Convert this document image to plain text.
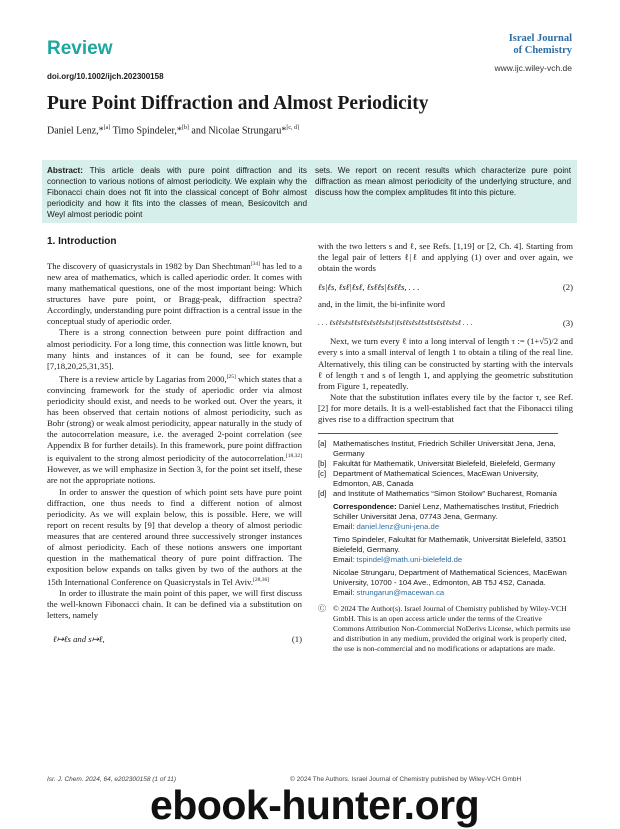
Review
doi.org/10.1002/ijch.202300158
Israel Journal
of Chemistry
www.ijc.wiley-vch.de
Pure Point Diffraction and Almost Periodicity
Daniel Lenz,*[a] Timo Spindeler,*[b] and Nicolae Strungaru*[c, d]
Abstract: This article deals with pure point diffraction and its connection to various notions of almost periodicity. We explain why the Fibonacci chain does not fit into the classical concept of Bohr almost periodicity and how it fits into the classes of mean, Besicovitch and Weyl almost periodic point
sets. We report on recent results which characterize pure point diffraction as mean almost periodicity of the underlying structure, and discuss how the complex amplitudes fit into this picture.
1. Introduction

The discovery of quasicrystals in 1982 by Dan Shechtman[34] has led to a new area of mathematics, which is called aperiodic order. It comes with many mathematical questions, one of the most important being: Which structures have pure point, or Bragg-peak, diffraction spectra? Accordingly, understanding pure point diffraction is a central issue in the conceptual study of aperiodic order.

There is a strong connection between pure point diffraction and almost periodicity. For a long time, this connection was little known, but many hints and instances of it can be found, see for example [7,18,20,25,31,35].

There is a review article by Lagarias from 2000,[25] which states that a convincing framework for the study of aperiodic order via almost periodicity should exist, and needs to be worked out. Over the years, it has been observed that certain notions of almost periodicity, such as Bohr (strong) or weak almost periodicity, appear naturally in the study of the autocorrelation measure, i.e. the averaged 2-point correlation (see Appendix B for further details). In this framework, pure point diffraction is equivalent to the strong almost periodicity of the autocorrelation.[18,32] However, as we will emphasize in Section 3, for the point set itself, these are not the appropriate notions.

In order to answer the question of which point sets have pure point diffraction, one thus needs to find a different notion of almost periodicity. As we will explain below, this is possible. Here, we will report on recent results by [9] that develop a theory of almost periodic measures that are centered around three successively stronger instances of almost periodicity. Each of these notions answers one important question in the mathematical theory of pure point diffraction. The exposition below expands on talks given by two of the authors at the 15th International Conference on Quasicrystals in Tel Aviv.[28,36]

In order to illustrate the main point of this paper, we will first discuss the well-known Fibonacci chain. It can be defined via a substitution on letters, namely

ℓ↦ℓs and s↦ℓ,	(1)

with the two letters s and ℓ, see Refs. [1,19] or [2, Ch. 4]. Starting from the legal pair of letters ℓ|ℓ and applying (1) over and over again, we obtain the words

ℓs|ℓs, ℓsℓ|ℓsℓ, ℓsℓℓs|ℓsℓℓs, . . .	(2)

and, in the limit, the bi-infinite word

. . . ℓsℓℓsℓsℓℓsℓℓsℓsℓℓsℓsℓ|ℓsℓℓsℓsℓℓsℓℓsℓsℓℓsℓsℓ . . .	(3)

Next, we turn every ℓ into a long interval of length τ := (1+√5)/2 and every s into a small interval of length 1 to obtain a tiling of the real line. Alternatively, this tiling can be constructed by starting with the intervals ℓ of length τ and s of length 1, and applying the geometric substitution from Figure 1, repeatedly.

Note that the substitution inflates every tile by the factor τ, see Ref. [2] for more details. It is a well-established fact that the Fibonacci tiling gives rise to a diffraction spectrum that

[a] Mathematisches Institut, Friedrich Schiller Universität Jena, Jena, Germany
[b] Fakultät für Mathematik, Universität Bielefeld, Bielefeld, Germany
[c] Department of Mathematical Sciences, MacEwan University, Edmonton, AB, Canada
[d] and Institute of Mathematics “Simon Stoilow” Bucharest, Romania
Correspondence: Daniel Lenz, Mathematisches Institut, Friedrich Schiller Universität Jena, 07743 Jena, Germany.
Email: daniel.lenz@uni-jena.de
Timo Spindeler, Fakultät für Mathematik, Universität Bielefeld, 33501 Bielefeld, Germany.
Email: tspindel@math.uni-bielefeld.de
Nicolae Strungaru, Department of Mathematical Sciences, MacEwan University, 10700 - 104 Ave., Edmonton, AB T5J 4S2, Canada.
Email: strungarun@macewan.ca
Ⓒ © 2024 The Author(s). Israel Journal of Chemistry published by Wiley-VCH GmbH. This is an open access article under the terms of the Creative Commons Attribution Non-Commercial NoDerivs License, which permits use and distribution in any medium, provided the original work is properly cited, the use is non-commercial and no modifications or adaptations are made.
Isr. J. Chem. 2024, 64, e202300158 (1 of 11)	© 2024 The Authors. Israel Journal of Chemistry published by Wiley-VCH GmbH
ebook-hunter.org
